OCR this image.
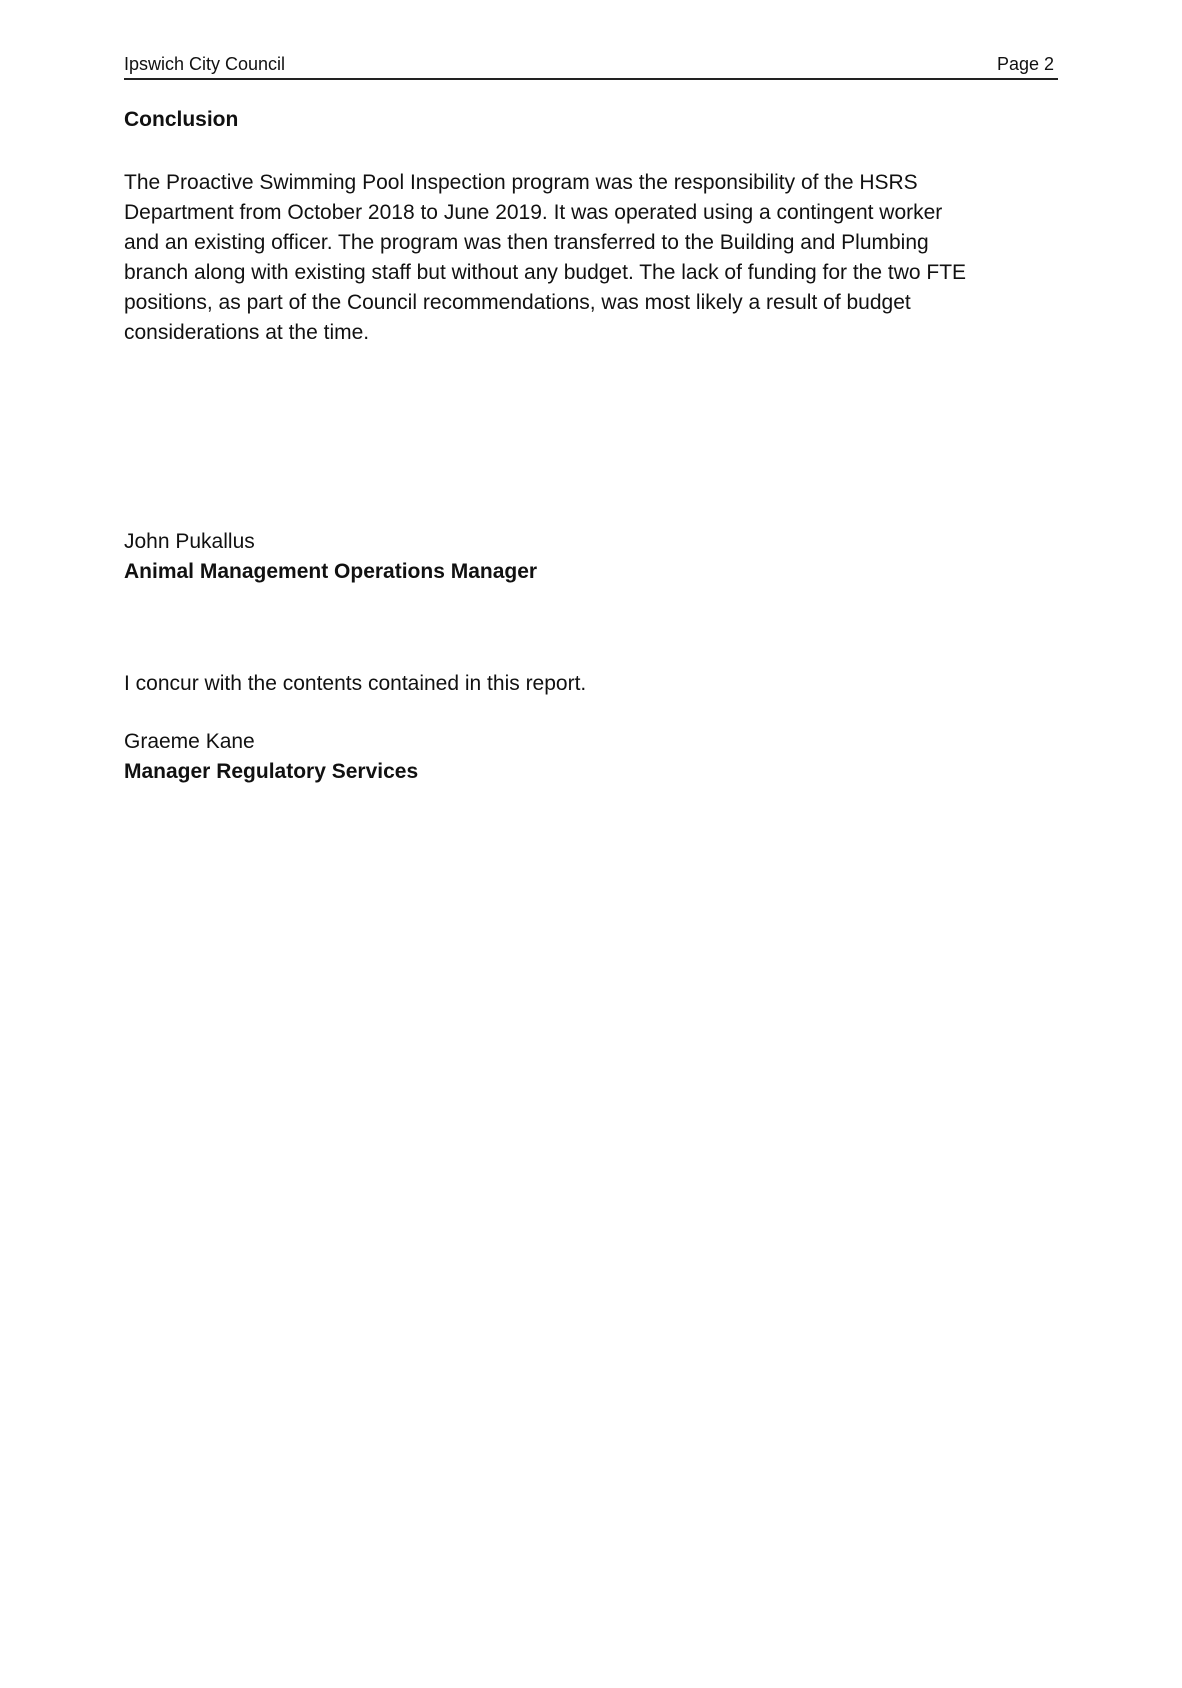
Ipswich City Council	Page 2
Conclusion
The Proactive Swimming Pool Inspection program was the responsibility of the HSRS
Department from October 2018 to June 2019. It was operated using a contingent worker
and an existing officer. The program was then transferred to the Building and Plumbing
branch along with existing staff but without any budget. The lack of funding for the two FTE
positions, as part of the Council recommendations, was most likely a result of budget
considerations at the time.
John Pukallus
Animal Management Operations Manager
I concur with the contents contained in this report.
Graeme Kane
Manager Regulatory Services
